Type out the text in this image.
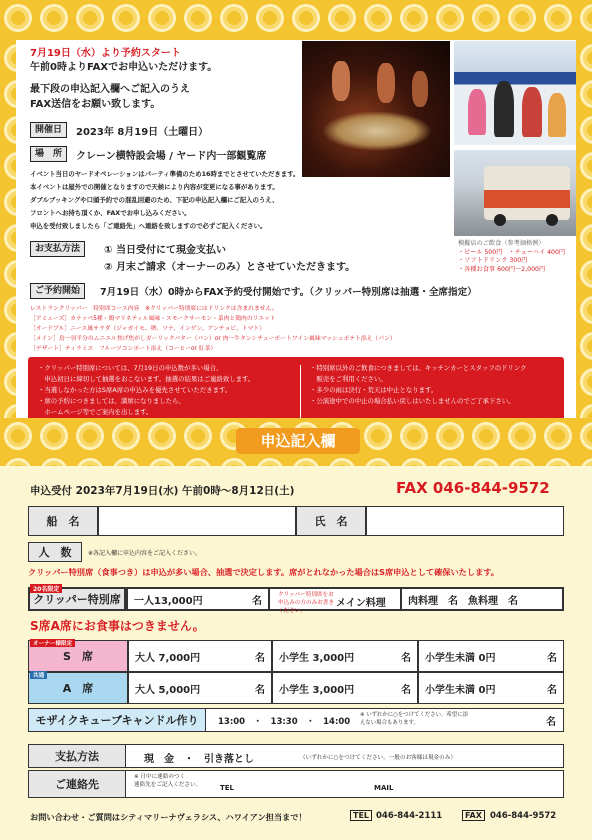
7月19日（水）より予約スタート
午前0時よりFAXでお申込いただけます。
最下段の申込記入欄へご記入のうえ
FAX送信をお願い致します。
模擬店のご飲食（参考価格例）
・ビール 500円　・チューハイ 400円
・ソフトドリンク 300円
・各種お食事 600円～2,000円
開催日	2023年 8月19日（土曜日）
場　所	クレーン横特設会場 / ヤード内一部観覧席
イベント当日のヤードオペレーションはパーティ準備のため16時までとさせていただきます。
本イベントは屋外での開催となりますので天候により内容が変更になる事があります。
ダブルブッキングや口頭予約での混乱回避のため、下記の申込記入欄にご記入のうえ、
フロントへお持ち頂くか、FAXでお申し込みください。
申込を受付致しましたら「ご連絡先」へ連絡を致しますので必ずご記入ください。
お支払方法	① 当日受付にて現金支払い
② 月末ご請求（オーナーのみ）とさせていただきます。
ご予約開始	7月19日（水）0時からFAX予約受付開始です。（クリッパー特別席は抽選・全席指定）
レストランクリッパー　特別席コース内容　※クリッパー特別席にはドリンクは含まれません。
［アミューズ］カナッペ5種・鶏マリネティル風味・スモークサーモン・菜肉と鶏肉のリエット
［オードブル］ニース風サラダ（ジャガイモ、卵、ツナ、インゲン、アンチョビ、トマト）
［メイン］鳥一羽半分のムニエル焦げ焦がしガーリックバター（パン）or 肉一牛タンシチューポートワイン風味マッシュポテト添え（パン）
［デザート］ティラミス　フルーツコンポート添え（コーヒーor 紅茶）
・クリッパー特別席については、7月19日の申込数が多い場合、
　申込初日に締切して抽選をおこないます。抽選の結果はご連絡致します。
・当選しなかった方はS席A席の申込みを優先させていただきます。
・席の予約につきましては、満席になりましたら、
　ホームページ等でご案内を出します。
・特別席以外のご飲食につきましては、キッチンカーとスタッフのドリンク
　販売をご利用ください。
・多少の雨は決行・荒天は中止となります。
・公演途中での中止の場合払い戻しはいたしませんのでご了承下さい。
申込記入欄
申込受付 2023年7月19日(水) 午前0時～8月12日(土)	FAX 046-844-9572
船　名	氏　名
人　数	※各記入欄に申込内容をご記入ください。
クリッパー特別席（食事つき）は申込が多い場合、抽選で決定します。席がとれなかった場合はS席申込として確保いたします。
クリッパー特別席
20名限定
一人13,000円	名
クリッパー特別席をお申込みの方のみお書きください。
メイン料理 肉料理　名　魚料理　名
S席A席にお食事はつきません。
S　席
オーナー様限定
大人 7,000円	名 小学生 3,000円	名 小学生未満 0円	名
A　席
共通
大人 5,000円	名 小学生 3,000円	名 小学生未満 0円	名
モザイクキューブキャンドル作り	13:00　・　13:30　・　14:00
※ いずれかに○をつけてください。希望に添えない場合もあります。	名
支払方法	現　金　・　引き落とし	（いずれかに○をつけてください。一般のお客様は現金のみ）
ご連絡先
※ 日中に連絡のつく
連絡先をご記入ください。	TEL	MAIL
お問い合わせ・ご質問はシティマリーナヴェラシス、ハワイアン担当まで！	TEL 046-844-2111	FAX 046-844-9572
